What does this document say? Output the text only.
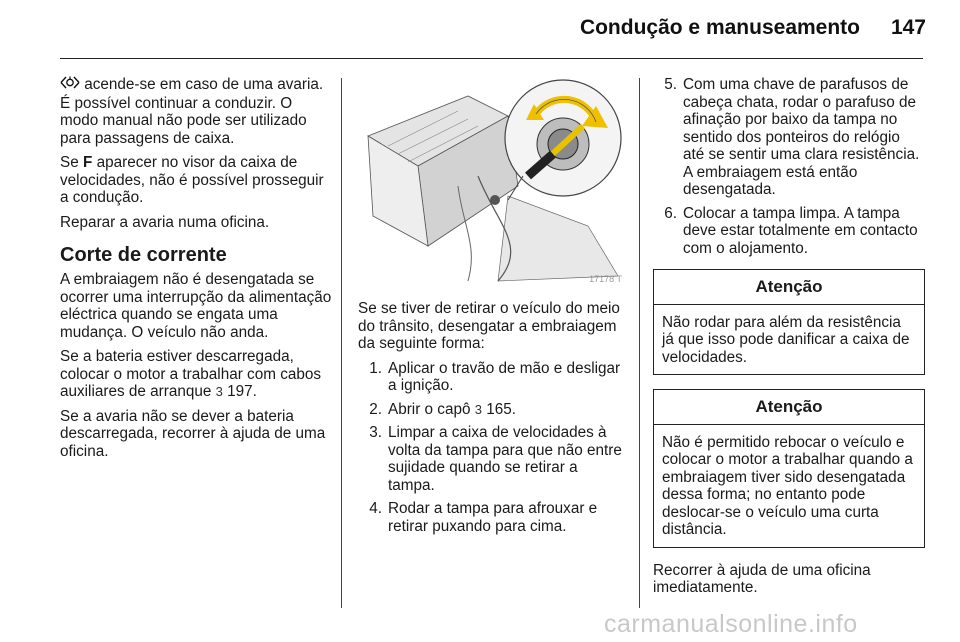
Condução e manuseamento	147

acende-se em caso de uma avaria. É possível continuar a conduzir. O modo manual não pode ser utilizado para passagens de caixa.

Se F aparecer no visor da caixa de velocidades, não é possível prosseguir a condução.

Reparar a avaria numa oficina.

Corte de corrente

A embraiagem não é desengatada se ocorrer uma interrupção da alimentação eléctrica quando se engata uma mudança. O veículo não anda.

Se a bateria estiver descarregada, colocar o motor a trabalhar com cabos auxiliares de arranque 3 197.

Se a avaria não se dever a bateria descarregada, recorrer à ajuda de uma oficina.

17178 T

Se se tiver de retirar o veículo do meio do trânsito, desengatar a embraiagem da seguinte forma:

1. Aplicar o travão de mão e desligar a ignição.
2. Abrir o capô 3 165.
3. Limpar a caixa de velocidades à volta da tampa para que não entre sujidade quando se retirar a tampa.
4. Rodar a tampa para afrouxar e retirar puxando para cima.
5. Com uma chave de parafusos de cabeça chata, rodar o parafuso de afinação por baixo da tampa no sentido dos ponteiros do relógio até se sentir uma clara resistência. A embraiagem está então desengatada.
6. Colocar a tampa limpa. A tampa deve estar totalmente em contacto com o alojamento.
Atenção
Não rodar para além da resistência já que isso pode danificar a caixa de velocidades.
Atenção
Não é permitido rebocar o veículo e colocar o motor a trabalhar quando a embraiagem tiver sido desengatada dessa forma; no entanto pode deslocar-se o veículo uma curta distância.

Recorrer à ajuda de uma oficina imediatamente.

carmanualsonline.info
